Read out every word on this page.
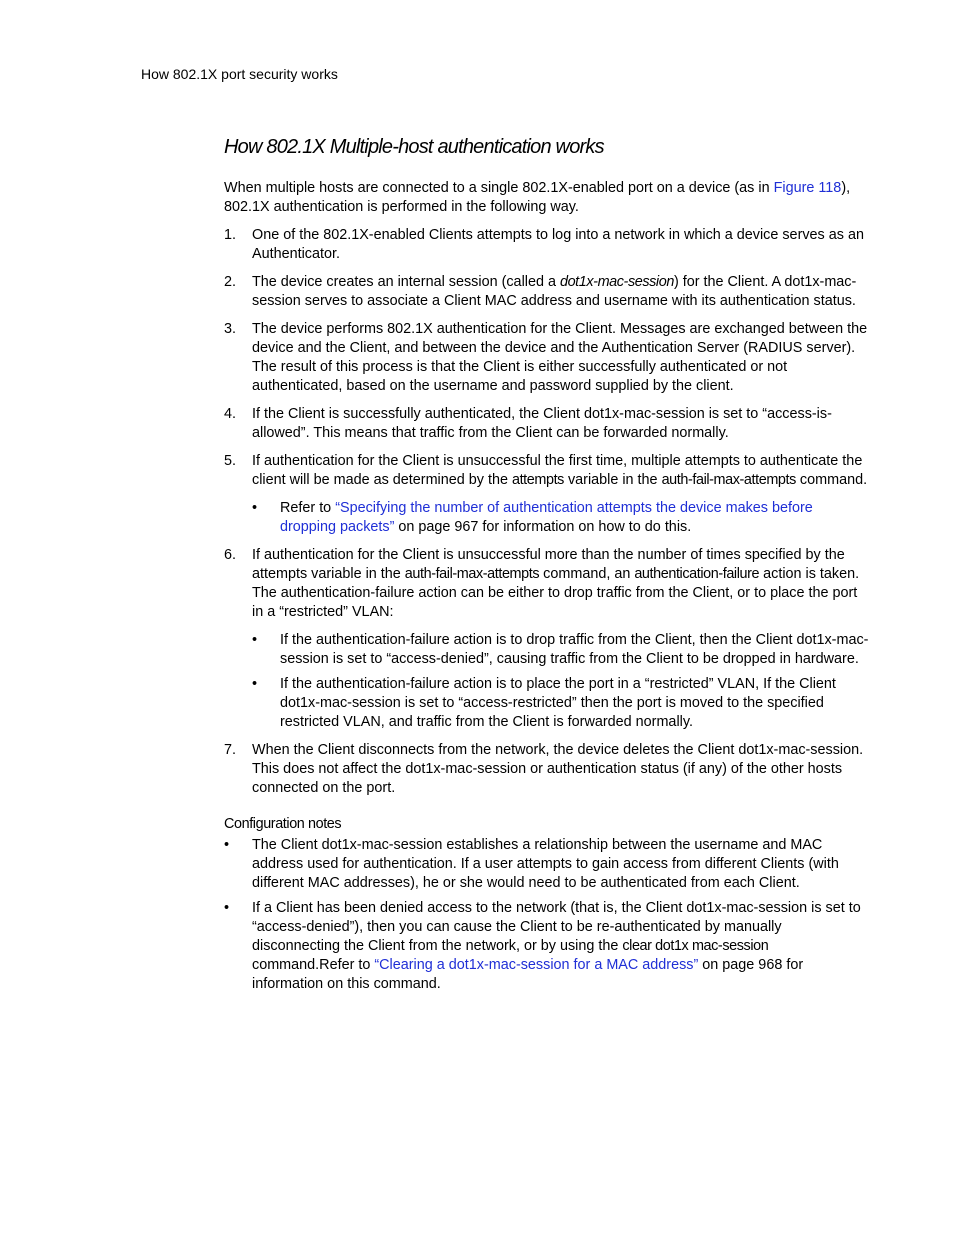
How 802.1X port security works
How 802.1X Multiple-host authentication works

When multiple hosts are connected to a single 802.1X-enabled port on a device (as in Figure 118), 802.1X authentication is performed in the following way.

1. One of the 802.1X-enabled Clients attempts to log into a network in which a device serves as an Authenticator.
2. The device creates an internal session (called a dot1x-mac-session) for the Client. A dot1x-mac-session serves to associate a Client MAC address and username with its authentication status.
3. The device performs 802.1X authentication for the Client. Messages are exchanged between the device and the Client, and between the device and the Authentication Server (RADIUS server). The result of this process is that the Client is either successfully authenticated or not authenticated, based on the username and password supplied by the client.
4. If the Client is successfully authenticated, the Client dot1x-mac-session is set to “access-is-allowed”. This means that traffic from the Client can be forwarded normally.
5. If authentication for the Client is unsuccessful the first time, multiple attempts to authenticate the client will be made as determined by the attempts variable in the auth-fail-max-attempts command.
• Refer to “Specifying the number of authentication attempts the device makes before dropping packets” on page 967 for information on how to do this.
6. If authentication for the Client is unsuccessful more than the number of times specified by the attempts variable in the auth-fail-max-attempts command, an authentication-failure action is taken. The authentication-failure action can be either to drop traffic from the Client, or to place the port in a “restricted” VLAN:
• If the authentication-failure action is to drop traffic from the Client, then the Client dot1x-mac-session is set to “access-denied”, causing traffic from the Client to be dropped in hardware.
• If the authentication-failure action is to place the port in a “restricted” VLAN, If the Client dot1x-mac-session is set to “access-restricted” then the port is moved to the specified restricted VLAN, and traffic from the Client is forwarded normally.
7. When the Client disconnects from the network, the device deletes the Client dot1x-mac-session. This does not affect the dot1x-mac-session or authentication status (if any) of the other hosts connected on the port.

Configuration notes

• The Client dot1x-mac-session establishes a relationship between the username and MAC address used for authentication. If a user attempts to gain access from different Clients (with different MAC addresses), he or she would need to be authenticated from each Client.
• If a Client has been denied access to the network (that is, the Client dot1x-mac-session is set to “access-denied”), then you can cause the Client to be re-authenticated by manually disconnecting the Client from the network, or by using the clear dot1x mac-session command.Refer to “Clearing a dot1x-mac-session for a MAC address” on page 968 for information on this command.
